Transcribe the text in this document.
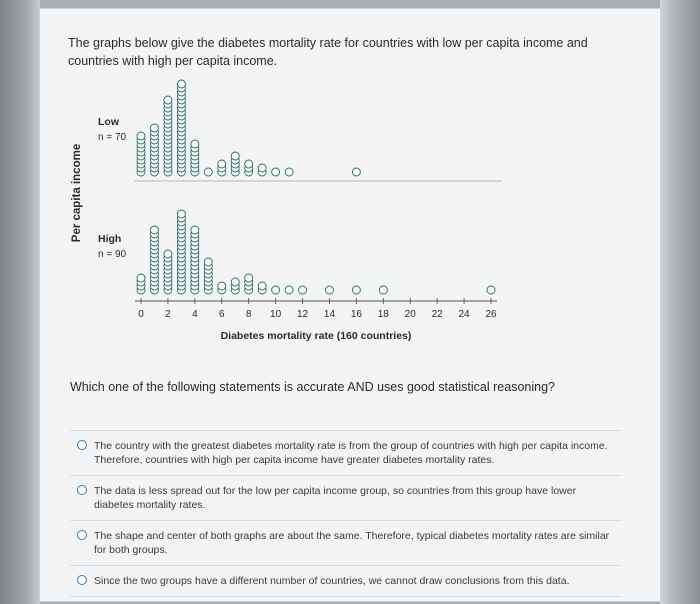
The graphs below give the diabetes mortality rate for countries with low per capita income and countries with high per capita income.
Per capita income
Low
n = 70
High
n = 90
0 2 4 6 8 10 12 14 16 18 20 22 24 26
Diabetes mortality rate (160 countries)
Which one of the following statements is accurate AND uses good statistical reasoning?
The country with the greatest diabetes mortality rate is from the group of countries with high per capita income. Therefore, countries with high per capita income have greater diabetes mortality rates.
The data is less spread out for the low per capita income group, so countries from this group have lower diabetes mortality rates.
The shape and center of both graphs are about the same. Therefore, typical diabetes mortality rates are similar for both groups.
Since the two groups have a different number of countries, we cannot draw conclusions from this data.
